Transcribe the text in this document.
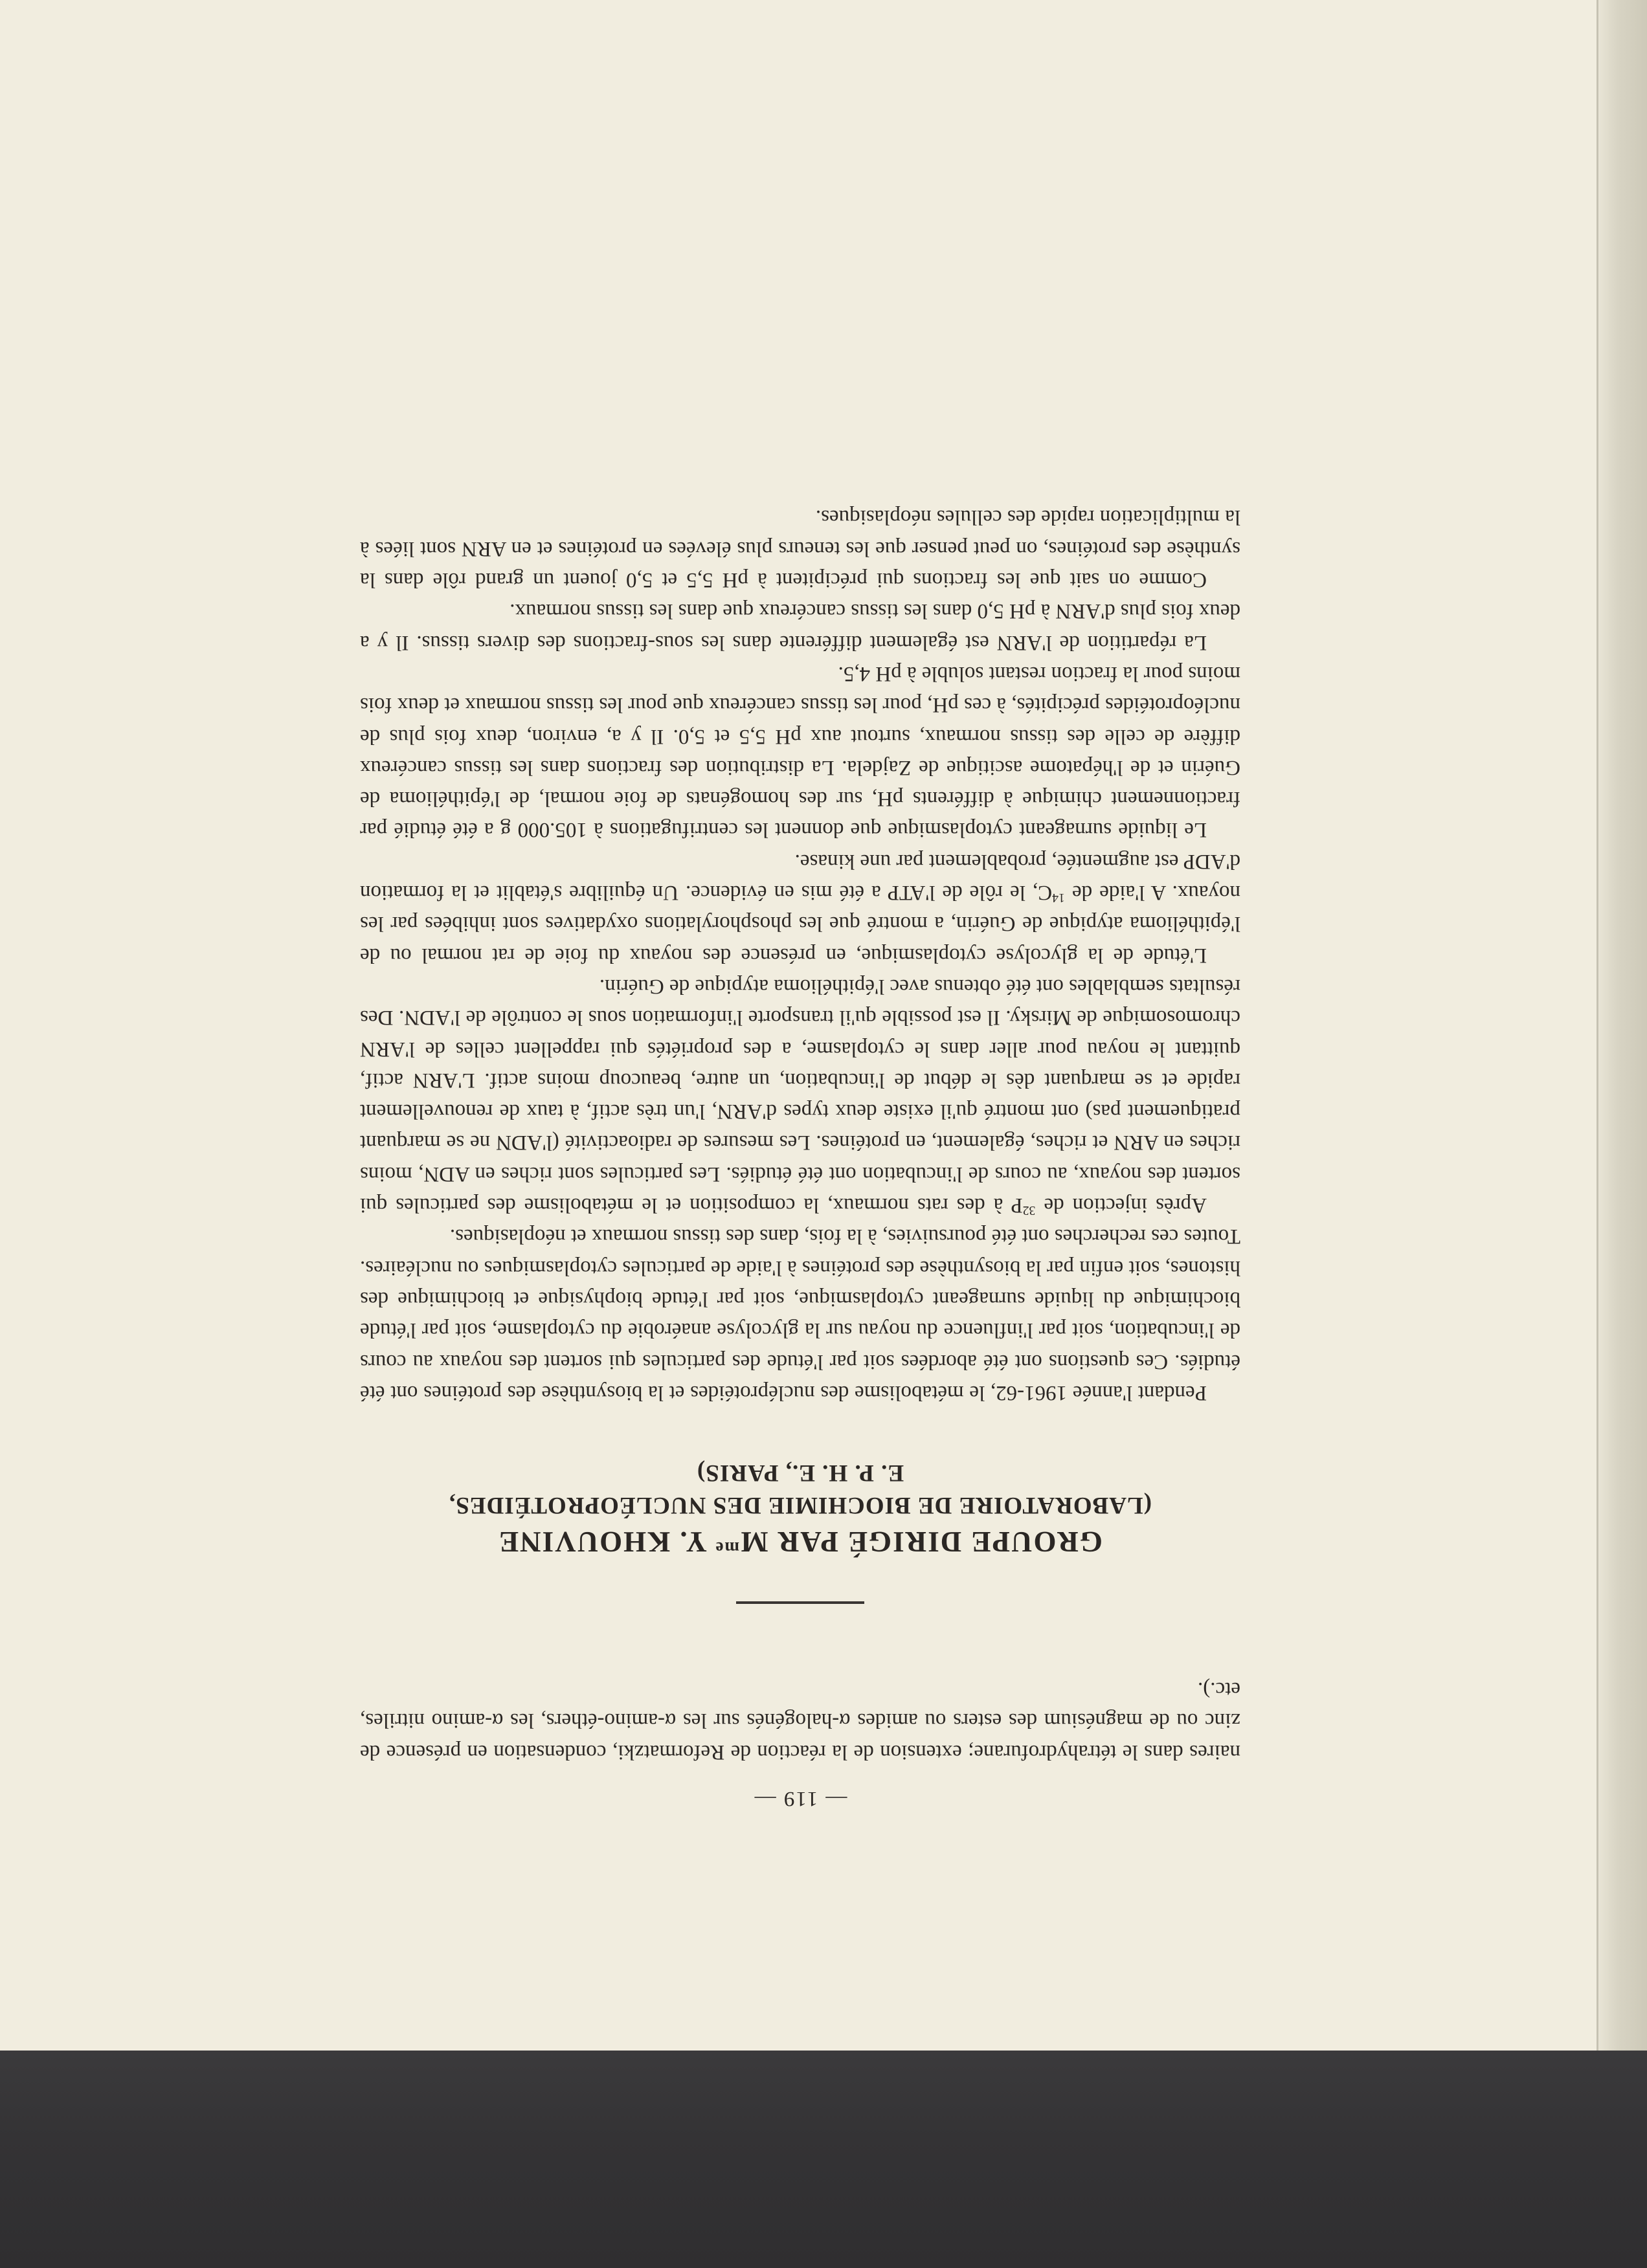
— 119 —

naires dans le tétrahydrofurane; extension de la réaction de Reformatzki, condensation en présence de zinc ou de magnésium des esters ou amides α-halogénés sur les α-amino-éthers, les α-amino nitriles, etc.).

GROUPE DIRIGÉ PAR $M^{me}$ Y. KHOUVINE
(LABORATOIRE DE BIOCHIMIE DES NUCLÉOPROTÉIDES,
E. P. H. E., PARIS)

Pendant l'année 1961-62, le métabolisme des nucléprotéides et la biosynthèse des protéines ont été étudiés. Ces questions ont été abordées soit par l'étude des particules qui sortent des noyaux au cours de l'incubation, soit par l'influence du noyau sur la glycolyse anaérobie du cytoplasme, soit par l'étude biochimique du liquide surnageant cytoplasmique, soit par l'étude biophysique et biochimique des histones, soit enfin par la biosynthèse des protéines à l'aide de particules cytoplasmiques ou nucléaires. Toutes ces recherches ont été poursuivies, à la fois, dans des tissus normaux et néoplasiques.

Après injection de $^{32}$P à des rats normaux, la composition et le métabolisme des particules qui sortent des noyaux, au cours de l'incubation ont été étudiés. Les particules sont riches en ADN, moins riches en ARN et riches, également, en protéines. Les mesures de radioactivité (l'ADN ne se marquant pratiquement pas) ont montré qu'il existe deux types d'ARN, l'un très actif, à taux de renouvellement rapide et se marquant dès le début de l'incubation, un autre, beaucoup moins actif. L'ARN actif, quittant le noyau pour aller dans le cytoplasme, a des propriétés qui rappellent celles de l'ARN chromosomique de Mirsky. Il est possible qu'il transporte l'information sous le contrôle de l'ADN. Des résultats semblables ont été obtenus avec l'épithélioma atypique de Guérin.

L'étude de la glycolyse cytoplasmique, en présence des noyaux du foie de rat normal ou de l'épithélioma atypique de Guérin, a montré que les phosphorylations oxydatives sont inhibées par les noyaux. A l'aide de $^{14}$C, le rôle de l'ATP a été mis en évidence. Un équilibre s'établit et la formation d'ADP est augmentée, probablement par une kinase.

Le liquide surnageant cytoplasmique que donnent les centrifugations à 105.000 g a été étudié par fractionnement chimique à différents pH, sur des homogénats de foie normal, de l'épithélioma de Guérin et de l'hépatome ascitique de Zajdela. La distribution des fractions dans les tissus cancéreux diffère de celle des tissus normaux, surtout aux pH 5,5 et 5,0. Il y a, environ, deux fois plus de nucléoprotéides précipités, à ces pH, pour les tissus cancéreux que pour les tissus normaux et deux fois moins pour la fraction restant soluble à pH 4,5.

La répartition de l'ARN est également différente dans les sous-fractions des divers tissus. Il y a deux fois plus d'ARN à pH 5,0 dans les tissus cancéreux que dans les tissus normaux.

Comme on sait que les fractions qui précipitent à pH 5,5 et 5,0 jouent un grand rôle dans la synthèse des protéines, on peut penser que les teneurs plus élevées en protéines et en ARN sont liées à la multiplication rapide des cellules néoplasiques.
